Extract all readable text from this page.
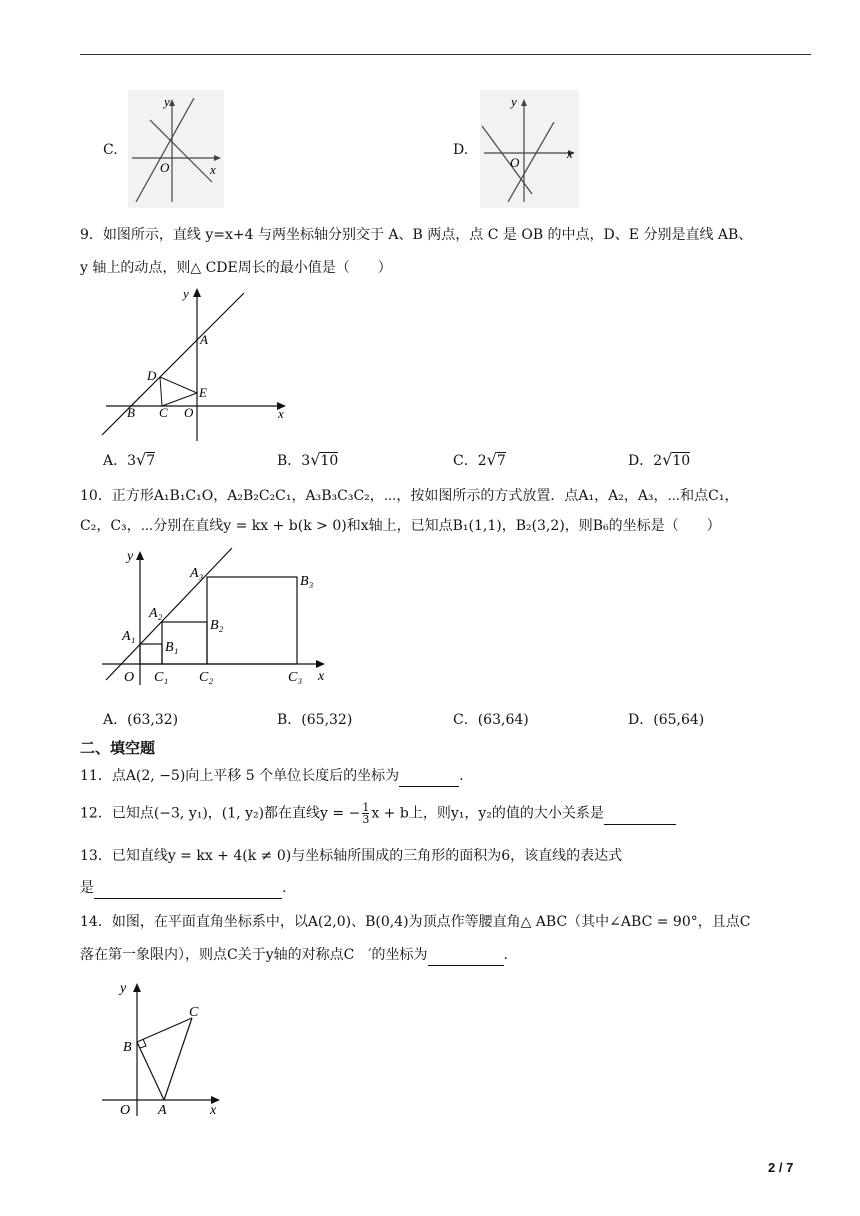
C.
y
x
O
D.
y
x
O
9．如图所示，直线 y=x+4 与两坐标轴分别交于 A、B 两点，点 C 是 OB 的中点，D、E 分别是直线 AB、
y 轴上的动点，则△ CDE周长的最小值是（　　）
y
x
A
B C
D
E
O
A．3√7	B．3√10	C．2√7	D．2√10
10．正方形A₁B₁C₁O，A₂B₂C₂C₁，A₃B₃C₃C₂，⋯，按如图所示的方式放置．点A₁，A₂，A₃，⋯和点C₁，
C₂，C₃，⋯分别在直线y = kx + b(k > 0)和x轴上，已知点B₁(1,1)，B₂(3,2)，则B₆的坐标是（　　）
y
x
O
A₁
A₂
A₃
B₁
B₂
B₃
C₁ C₂	C₃
A．(63,32)	B．(65,32)	C．(63,64)	D．(65,64)
二、填空题
11．点A(2, −5)向上平移 5 个单位长度后的坐标为	.
12．已知点(−3, y₁)，(1, y₂)都在直线y = − $\frac{1}{3}$ x + b上，则y₁，y₂的值的大小关系是
13．已知直线y = kx + 4(k ≠ 0)与坐标轴所围成的三角形的面积为6，该直线的表达式
是	.
14．如图，在平面直角坐标系中，以A(2,0)、B(0,4)为顶点作等腰直角△ ABC（其中∠ABC = 90°，且点C
落在第一象限内），则点C关于y轴的对称点C　′的坐标为	.
y
x
O A
B
C
2 / 7
